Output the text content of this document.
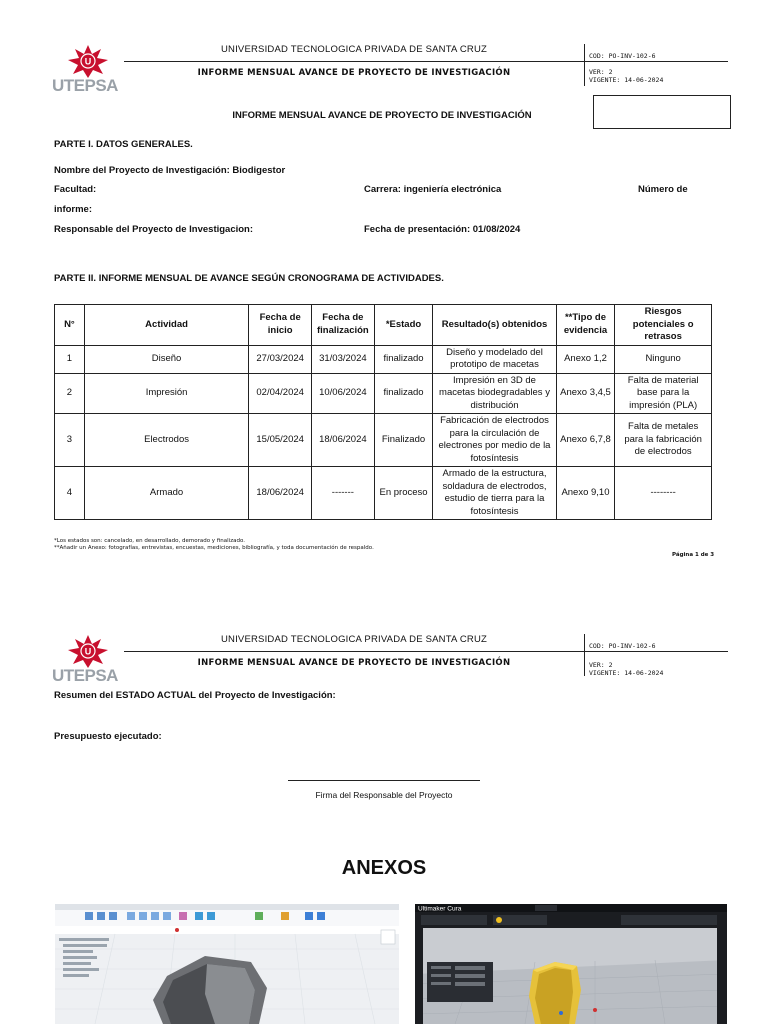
U
UTEPSA
UNIVERSIDAD TECNOLOGICA PRIVADA DE SANTA CRUZ
INFORME MENSUAL AVANCE DE PROYECTO DE INVESTIGACIÓN
COD: PO-INV-102-6
VER: 2
VIGENTE: 14-06-2024
INFORME MENSUAL AVANCE DE PROYECTO DE INVESTIGACIÓN
PARTE I. DATOS GENERALES.
Nombre del Proyecto de Investigación: Biodigestor
Facultad:	Carrera: ingeniería electrónica	Número de
informe:
Responsable del Proyecto de Investigacion:	Fecha de presentación: 01/08/2024
PARTE II. INFORME MENSUAL DE AVANCE SEGÚN CRONOGRAMA DE ACTIVIDADES.
N°	Actividad	Fecha de inicio	Fecha de finalización	*Estado	Resultado(s) obtenidos	**Tipo de evidencia	Riesgos potenciales o retrasos
1	Diseño	27/03/2024	31/03/2024	finalizado	Diseño y modelado del prototipo de macetas	Anexo 1,2	Ninguno
2	Impresión	02/04/2024	10/06/2024	finalizado	Impresión en 3D de macetas biodegradables y distribución	Anexo 3,4,5	Falta de material base para la impresión (PLA)
3	Electrodos	15/05/2024	18/06/2024	Finalizado	Fabricación de electrodos para la circulación de electrones por medio de la fotosíntesis	Anexo 6,7,8	Falta de metales para la fabricación de electrodos
4	Armado	18/06/2024	-------	En proceso	Armado de la estructura, soldadura de electrodos, estudio de tierra para la fotosíntesis	Anexo 9,10	--------
*Los estados son: cancelado, en desarrollado, demorado y finalizado.
**Añadir un Anexo: fotografías, entrevistas, encuestas, mediciones, bibliografía, y toda documentación de respaldo.
Página 1 de 3
U
UTEPSA
UNIVERSIDAD TECNOLOGICA PRIVADA DE SANTA CRUZ
INFORME MENSUAL AVANCE DE PROYECTO DE INVESTIGACIÓN
COD: PO-INV-102-6
VER: 2
VIGENTE: 14-06-2024
Resumen del ESTADO ACTUAL del Proyecto de Investigación:
Presupuesto ejecutado:
Firma del Responsable del Proyecto
ANEXOS
Ultimaker Cura
